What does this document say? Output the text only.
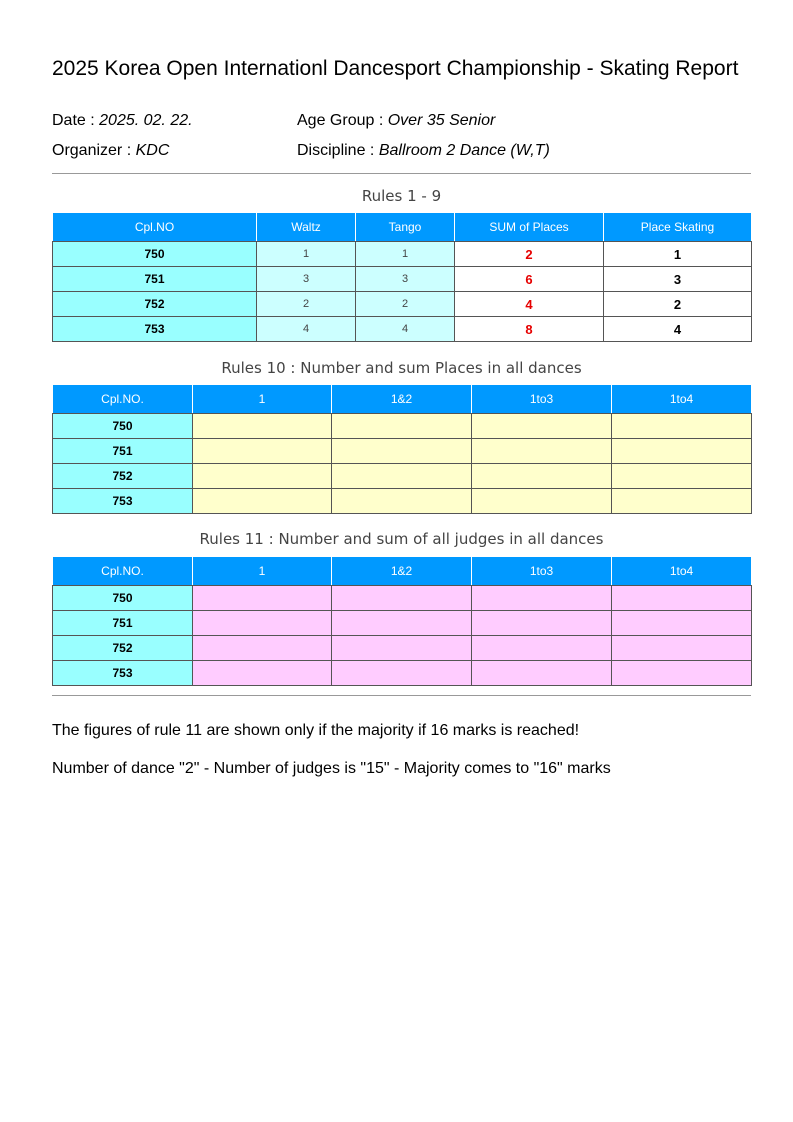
2025 Korea Open Internationl Dancesport Championship - Skating Report
Date : 2025. 02. 22.	Age Group : Over 35 Senior
Organizer : KDC	Discipline : Ballroom 2 Dance (W,T)
Rules 1 - 9
Cpl.NO	Waltz	Tango	SUM of Places	Place Skating
750	1	1	2	1
751	3	3	6	3
752	2	2	4	2
753	4	4	8	4
Rules 10 : Number and sum Places in all dances
Cpl.NO.	1	1&2	1to3	1to4
750				
751				
752				
753				
Rules 11 : Number and sum of all judges in all dances
Cpl.NO.	1	1&2	1to3	1to4
750				
751				
752				
753				
The figures of rule 11 are shown only if the majority if 16 marks is reached!
Number of dance "2" - Number of judges is "15" - Majority comes to "16" marks
